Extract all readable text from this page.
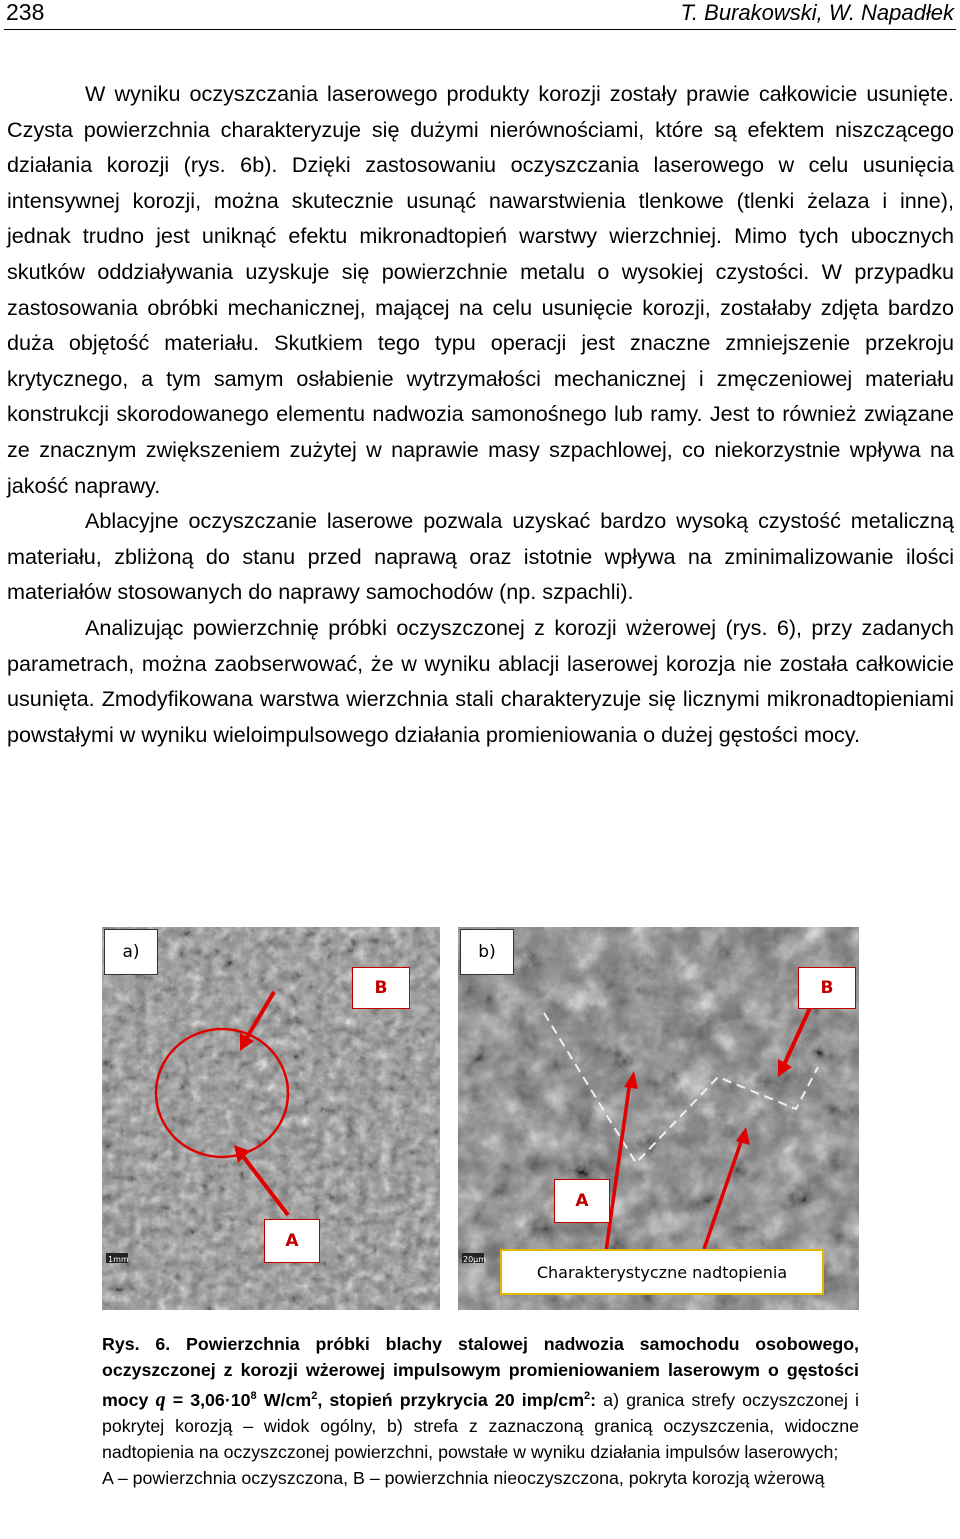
238	T. Burakowski, W. Napadłek

W wyniku oczyszczania laserowego produkty korozji zostały prawie całkowicie usunięte. Czysta powierzchnia charakteryzuje się dużymi nierównościami, które są efektem niszczącego działania korozji (rys. 6b). Dzięki zastosowaniu oczyszczania laserowego w celu usunięcia intensywnej korozji, można skutecznie usunąć nawarstwienia tlenkowe (tlenki żelaza i inne), jednak trudno jest uniknąć efektu mikronadtopień warstwy wierzchniej. Mimo tych ubocznych skutków oddziaływania uzyskuje się powierzchnie metalu o wysokiej czystości. W przypadku zastosowania obróbki mechanicznej, mającej na celu usunięcie korozji, zostałaby zdjęta bardzo duża objętość materiału. Skutkiem tego typu operacji jest znaczne zmniejszenie przekroju krytycznego, a tym samym osłabienie wytrzymałości mechanicznej i zmęczeniowej materiału konstrukcji skorodowanego elementu nadwozia samonośnego lub ramy. Jest to również związane ze znacznym zwiększeniem zużytej w naprawie masy szpachlowej, co niekorzystnie wpływa na jakość naprawy.

Ablacyjne oczyszczanie laserowe pozwala uzyskać bardzo wysoką czystość metaliczną materiału, zbliżoną do stanu przed naprawą oraz istotnie wpływa na zminimalizowanie ilości materiałów stosowanych do naprawy samochodów (np. szpachli).

Analizując powierzchnię próbki oczyszczonej z korozji wżerowej (rys. 6), przy zadanych parametrach, można zaobserwować, że w wyniku ablacji laserowej korozja nie została całkowicie usunięta. Zmodyfikowana warstwa wierzchnia stali charakteryzuje się licznymi mikronadtopieniami powstałymi w wyniku wieloimpulsowego działania promieniowania o dużej gęstości mocy.

1mm
a)
B
A
20μm
b)
B
A
Charakterystyczne nadtopienia
Rys. 6. Powierzchnia próbki blachy stalowej nadwozia samochodu osobowego, oczyszczonej z korozji wżerowej impulsowym promieniowaniem laserowym o gęstości mocy $q = 3,06\cdot 10^8$ $W/cm^2$, stopień przykrycia 20 imp/$cm^2$: a) granica strefy oczyszczonej i pokrytej korozją – widok ogólny, b) strefa z zaznaczoną granicą oczyszczenia, widoczne nadtopienia na oczyszczonej powierzchni, powstałe w wyniku działania impulsów laserowych;
A – powierzchnia oczyszczona, B – powierzchnia nieoczyszczona, pokryta korozją wżerową
